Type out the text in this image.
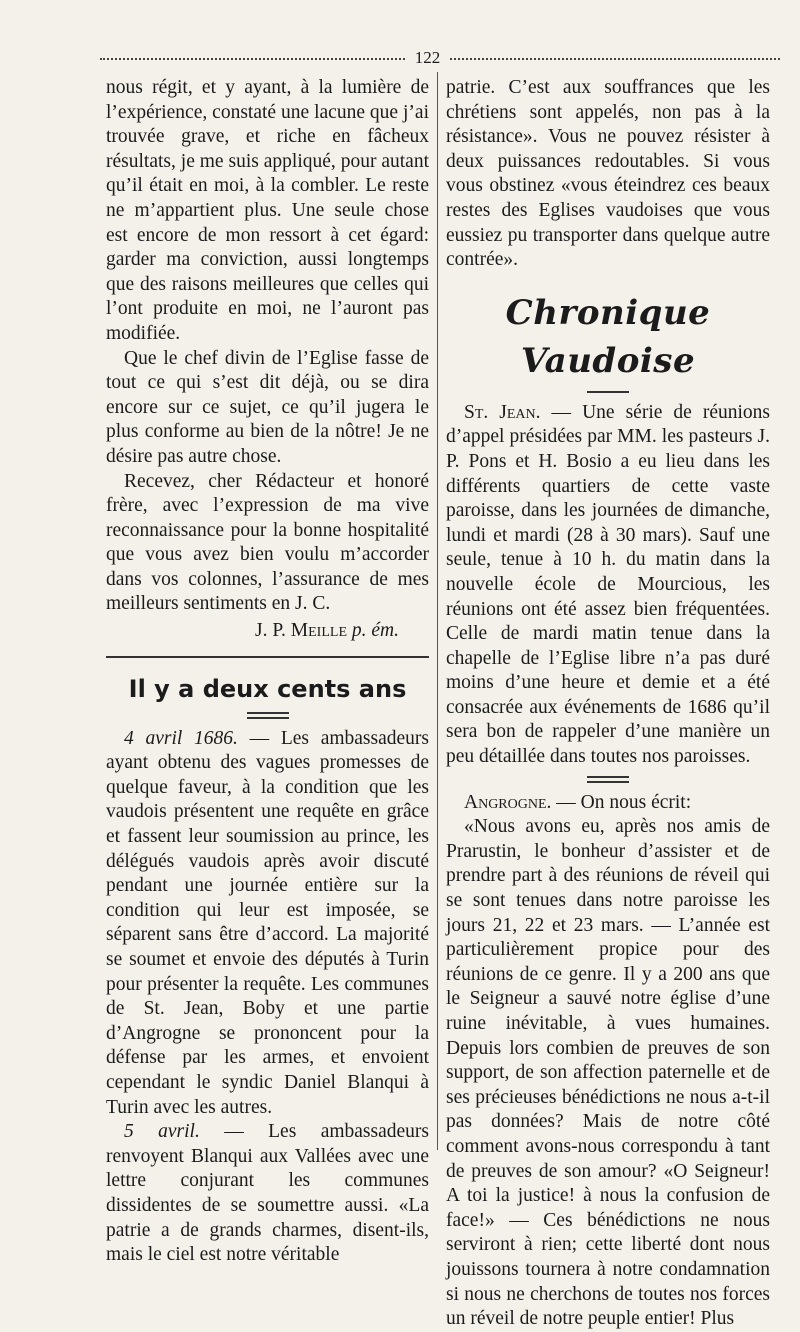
122

nous régit, et y ayant, à la lumière de l’expérience, constaté une lacune que j’ai trouvée grave, et riche en fâcheux résultats, je me suis appliqué, pour autant qu’il était en moi, à la combler. Le reste ne m’appartient plus. Une seule chose est encore de mon ressort à cet égard: garder ma conviction, aussi longtemps que des raisons meilleures que celles qui l’ont produite en moi, ne l’auront pas modifiée.

Que le chef divin de l’Eglise fasse de tout ce qui s’est dit déjà, ou se dira encore sur ce sujet, ce qu’il jugera le plus conforme au bien de la nôtre! Je ne désire pas autre chose.

Recevez, cher Rédacteur et honoré frère, avec l’expression de ma vive reconnaissance pour la bonne hospitalité que vous avez bien voulu m’accorder dans vos colonnes, l’assurance de mes meilleurs sentiments en J. C.

J. P. Meille p. ém.

Il y a deux cents ans

4 avril 1686. — Les ambassadeurs ayant obtenu des vagues promesses de quelque faveur, à la condition que les vaudois présentent une requête en grâce et fassent leur soumission au prince, les délégués vaudois après avoir discuté pendant une journée entière sur la condition qui leur est imposée, se séparent sans être d’accord. La majorité se soumet et envoie des députés à Turin pour présenter la requête. Les communes de St. Jean, Boby et une partie d’Angrogne se prononcent pour la défense par les armes, et envoient cependant le syndic Daniel Blanqui à Turin avec les autres.

5 avril. — Les ambassadeurs renvoyent Blanqui aux Vallées avec une lettre conjurant les communes dissidentes de se soumettre aussi. «La patrie a de grands charmes, disent-ils, mais le ciel est notre véritable

patrie. C’est aux souffrances que les chrétiens sont appelés, non pas à la résistance». Vous ne pouvez résister à deux puissances redoutables. Si vous vous obstinez «vous éteindrez ces beaux restes des Eglises vaudoises que vous eussiez pu transporter dans quelque autre contrée».

Chronique Vaudoise

St. Jean. — Une série de réunions d’appel présidées par MM. les pasteurs J. P. Pons et H. Bosio a eu lieu dans les différents quartiers de cette vaste paroisse, dans les journées de dimanche, lundi et mardi (28 à 30 mars). Sauf une seule, tenue à 10 h. du matin dans la nouvelle école de Mourcious, les réunions ont été assez bien fréquentées. Celle de mardi matin tenue dans la chapelle de l’Eglise libre n’a pas duré moins d’une heure et demie et a été consacrée aux événements de 1686 qu’il sera bon de rappeler d’une manière un peu détaillée dans toutes nos paroisses.

Angrogne. — On nous écrit:

«Nous avons eu, après nos amis de Prarustin, le bonheur d’assister et de prendre part à des réunions de réveil qui se sont tenues dans notre paroisse les jours 21, 22 et 23 mars. — L’année est particulièrement propice pour des réunions de ce genre. Il y a 200 ans que le Seigneur a sauvé notre église d’une ruine inévitable, à vues humaines. Depuis lors combien de preuves de son support, de son affection paternelle et de ses précieuses bénédictions ne nous a-t-il pas données? Mais de notre côté comment avons-nous correspondu à tant de preuves de son amour? «O Seigneur! A toi la justice! à nous la confusion de face!» — Ces bénédictions ne nous serviront à rien; cette liberté dont nous jouissons tournera à notre condamnation si nous ne cherchons de toutes nos forces un réveil de notre peuple entier! Plus
